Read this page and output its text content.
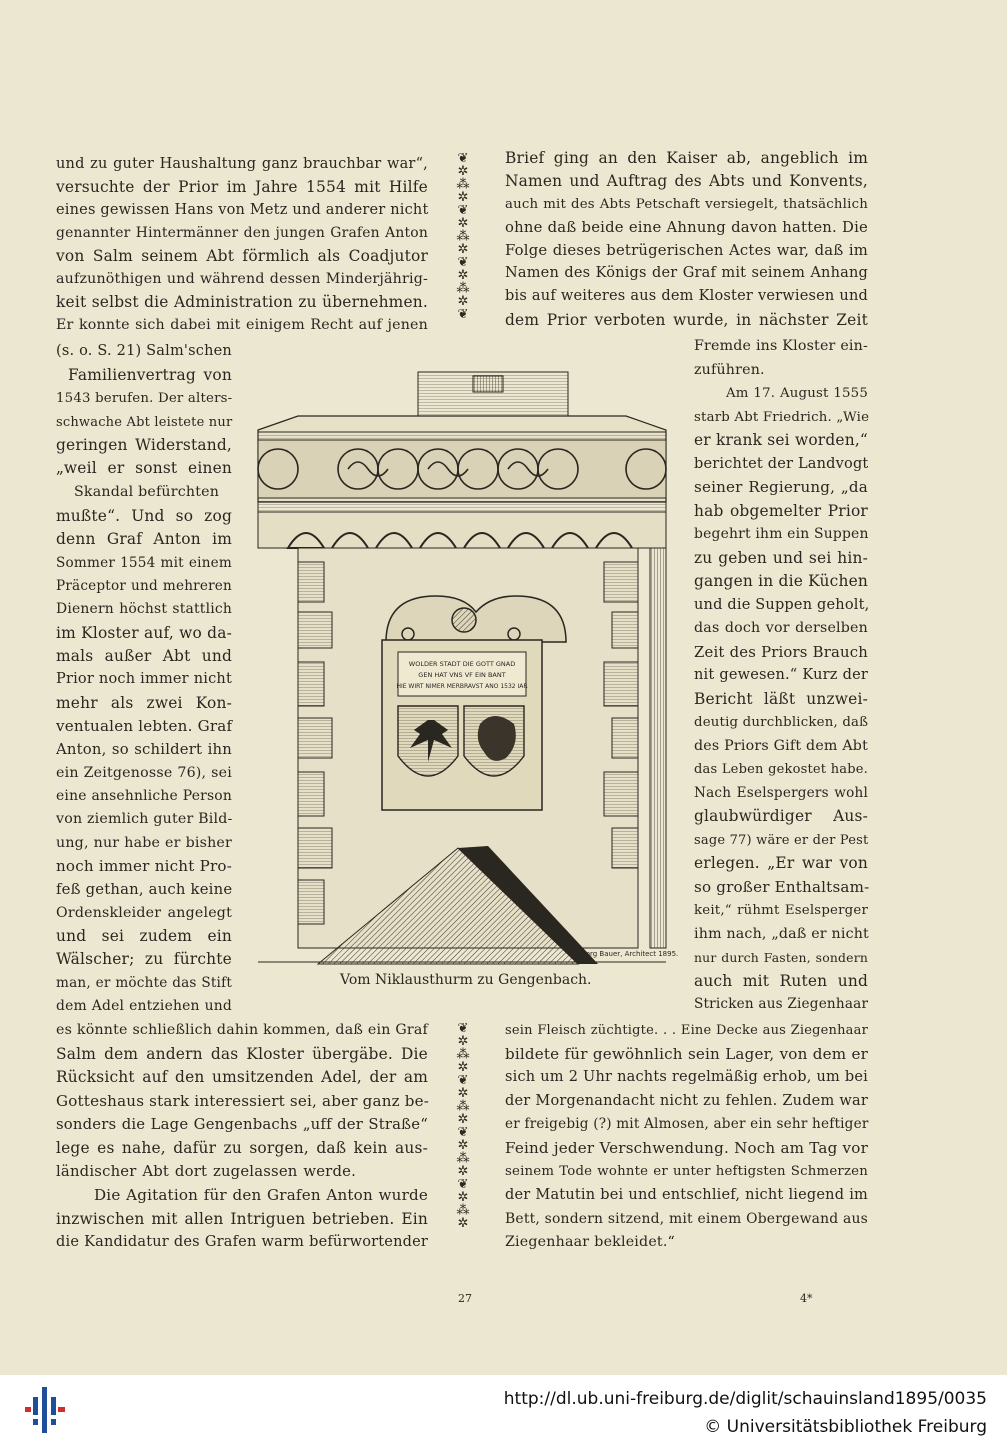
und zu guter Haushaltung ganz brauchbar war“,
versuchte der Prior im Jahre 1554 mit Hilfe
eines gewissen Hans von Metz und anderer nicht
genannter Hintermänner den jungen Grafen Anton
von Salm seinem Abt förmlich als Coadjutor
aufzunöthigen und während dessen Minderjährig-
keit selbst die Administration zu übernehmen.
Er konnte sich dabei mit einigem Recht auf jenen
(s. o. S. 21) Salm'schen
Familienvertrag von
1543 berufen. Der alters-
schwache Abt leistete nur
geringen Widerstand,
„weil er sonst einen
Skandal befürchten
mußte“. Und so zog
denn Graf Anton im
Sommer 1554 mit einem
Präceptor und mehreren
Dienern höchst stattlich
im Kloster auf, wo da-
mals außer Abt und
Prior noch immer nicht
mehr als zwei Kon-
ventualen lebten. Graf
Anton, so schildert ihn
ein Zeitgenosse 76), sei
eine ansehnliche Person
von ziemlich guter Bild-
ung, nur habe er bisher
noch immer nicht Pro-
feß gethan, auch keine
Ordenskleider angelegt
und sei zudem ein
Wälscher; zu fürchte
man, er möchte das Stift
dem Adel entziehen und
es könnte schließlich dahin kommen, daß ein Graf
Salm dem andern das Kloster übergäbe. Die
Rücksicht auf den umsitzenden Adel, der am
Gotteshaus stark interessiert sei, aber ganz be-
sonders die Lage Gengenbachs „uff der Straße“
lege es nahe, dafür zu sorgen, daß kein aus-
ländischer Abt dort zugelassen werde.
Die Agitation für den Grafen Anton wurde
inzwischen mit allen Intriguen betrieben. Ein
die Kandidatur des Grafen warm befürwortender
Brief ging an den Kaiser ab, angeblich im
Namen und Auftrag des Abts und Konvents,
auch mit des Abts Petschaft versiegelt, thatsächlich
ohne daß beide eine Ahnung davon hatten. Die
Folge dieses betrügerischen Actes war, daß im
Namen des Königs der Graf mit seinem Anhang
bis auf weiteres aus dem Kloster verwiesen und
dem Prior verboten wurde, in nächster Zeit
Fremde ins Kloster ein-
zuführen.
Am 17. August 1555
starb Abt Friedrich. „Wie
er krank sei worden,“
berichtet der Landvogt
seiner Regierung, „da
hab obgemelter Prior
begehrt ihm ein Suppen
zu geben und sei hin-
gangen in die Küchen
und die Suppen geholt,
das doch vor derselben
Zeit des Priors Brauch
nit gewesen.“ Kurz der
Bericht läßt unzwei-
deutig durchblicken, daß
des Priors Gift dem Abt
das Leben gekostet habe.
Nach Eselspergers wohl
glaubwürdiger Aus-
sage 77) wäre er der Pest
erlegen. „Er war von
so großer Enthaltsam-
keit,“ rühmt Eselsperger
ihm nach, „daß er nicht
nur durch Fasten, sondern
auch mit Ruten und
Stricken aus Ziegenhaar
sein Fleisch züchtigte. . . Eine Decke aus Ziegenhaar
bildete für gewöhnlich sein Lager, von dem er
sich um 2 Uhr nachts regelmäßig erhob, um bei
der Morgenandacht nicht zu fehlen. Zudem war
er freigebig (?) mit Almosen, aber ein sehr heftiger
Feind jeder Verschwendung. Noch am Tag vor
seinem Tode wohnte er unter heftigsten Schmerzen
der Matutin bei und entschlief, nicht liegend im
Bett, sondern sitzend, mit einem Obergewand aus
Ziegenhaar bekleidet.“
❦
✲
⁂
✲
❦
✲
⁂
✲
❦
✲
⁂
✲
❦
❦
✲
⁂
✲
❦
✲
⁂
✲
❦
✲
⁂
✲
❦
✲
⁂
✲
WOLDER STADT DIE GOTT GNAD
GEN HAT VNS VF EIN BANT
HIE WIRT NIMER MERBRAVST ANO 1532 IAR
Georg Bauer, Architect 1895.
Vom Niklausthurm zu Gengenbach.
27	4*
http://dl.ub.uni-freiburg.de/diglit/schauinsland1895/0035
© Universitätsbibliothek Freiburg
